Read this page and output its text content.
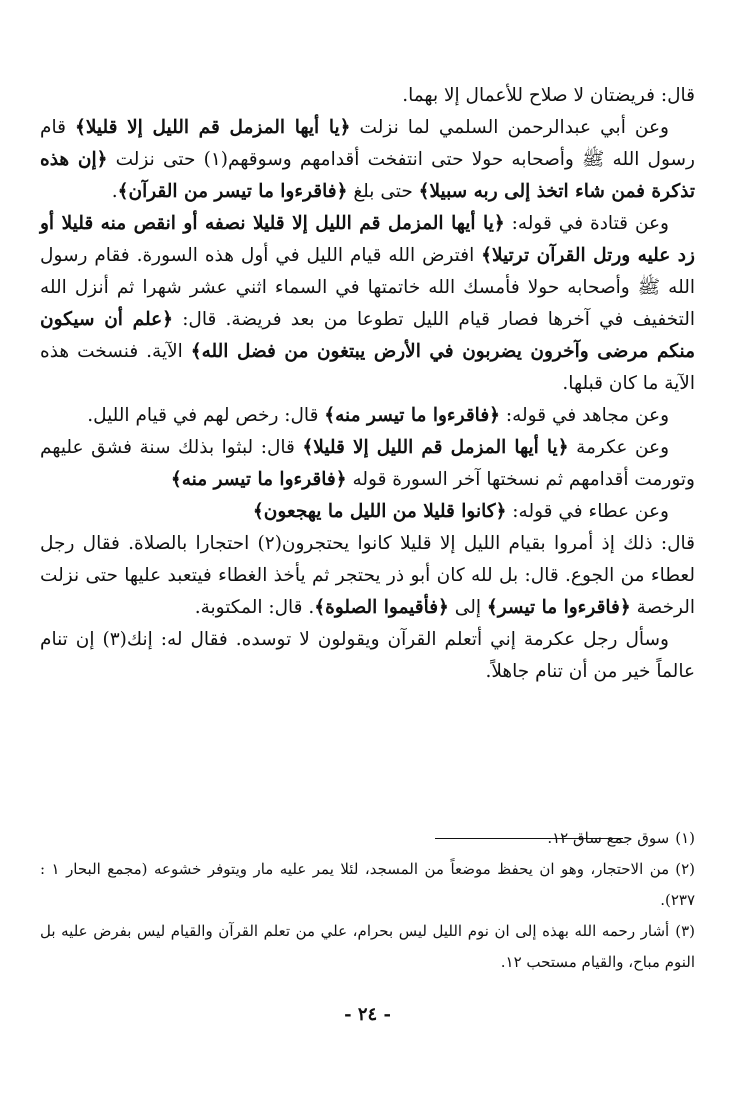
قال: فريضتان لا صلاح للأعمال إلا بهما.

وعن أبي عبدالرحمن السلمي لما نزلت ﴿يا أيها المزمل قم الليل إلا قليلا﴾ قام رسول الله ﷺ وأصحابه حولا حتى انتفخت أقدامهم وسوقهم(١) حتى نزلت ﴿إن هذه تذكرة فمن شاء اتخذ إلى ربه سبيلا﴾ حتى بلغ ﴿فاقرءوا ما تيسر من القرآن﴾.

وعن قتادة في قوله: ﴿يا أيها المزمل قم الليل إلا قليلا نصفه أو انقص منه قليلا أو زد عليه ورتل القرآن ترتيلا﴾ افترض الله قيام الليل في أول هذه السورة. فقام رسول الله ﷺ وأصحابه حولا فأمسك الله خاتمتها في السماء اثني عشر شهرا ثم أنزل الله التخفيف في آخرها فصار قيام الليل تطوعا من بعد فريضة. قال: ﴿علم أن سيكون منكم مرضى وآخرون يضربون في الأرض يبتغون من فضل الله﴾ الآية. فنسخت هذه الآية ما كان قبلها.

وعن مجاهد في قوله: ﴿فاقرءوا ما تيسر منه﴾ قال: رخص لهم في قيام الليل.

وعن عكرمة ﴿يا أيها المزمل قم الليل إلا قليلا﴾ قال: لبثوا بذلك سنة فشق عليهم وتورمت أقدامهم ثم نسختها آخر السورة قوله ﴿فاقرءوا ما تيسر منه﴾

وعن عطاء في قوله: ﴿كانوا قليلا من الليل ما يهجعون﴾

قال: ذلك إذ أمروا بقيام الليل إلا قليلا كانوا يحتجرون(٢) احتجارا بالصلاة. فقال رجل لعطاء من الجوع. قال: بل لله كان أبو ذر يحتجر ثم يأخذ الغطاء فيتعبد عليها حتى نزلت الرخصة ﴿فاقرءوا ما تيسر﴾ إلى ﴿فأقيموا الصلوة﴾. قال: المكتوبة.

وسأل رجل عكرمة إني أتعلم القرآن ويقولون لا توسده. فقال له: إنك(٣) إن تنام عالماً خير من أن تنام جاهلاً.

(١)سوق جمع ساق ١٢.

(٢)من الاحتجار، وهو ان يحفظ موضعاً من المسجد، لئلا يمر عليه مار ويتوفر خشوعه (مجمع البحار ١ : ٢٣٧).

(٣)أشار رحمه الله بهذه إلى ان نوم الليل ليس بحرام، علي من تعلم القرآن والقيام ليس بفرض عليه بل النوم مباح، والقيام مستحب ١٢.

- ٢٤ -
